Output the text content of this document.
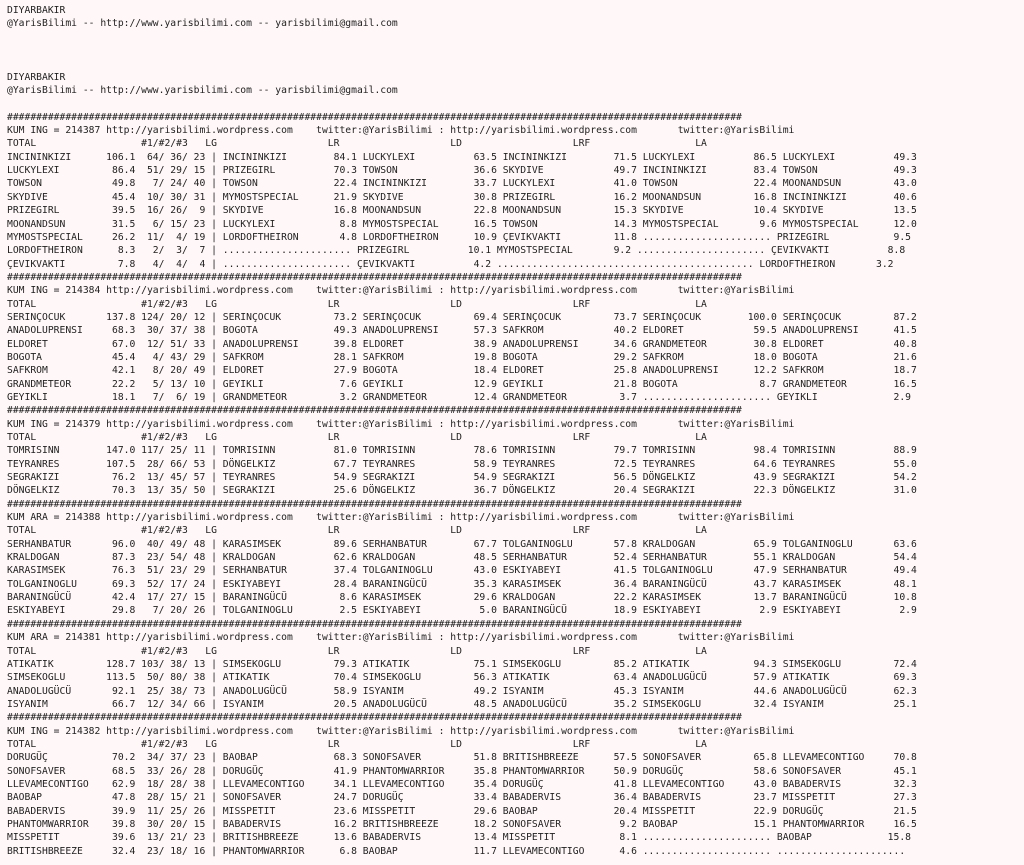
DIYARBAKIR
@YarisBilimi -- http://www.yarisbilimi.com -- yarisbilimi@gmail.com

DIYARBAKIR
@YarisBilimi -- http://www.yarisbilimi.com -- yarisbilimi@gmail.com

##############################################################################################################################
KUM ING = 214387 http://yarisbilimi.wordpress.com    twitter:@YarisBilimi : http://yarisbilimi.wordpress.com       twitter:@YarisBilimi
TOTAL                  #1/#2/#3   LG                   LR                   LD                   LRF                  LA
INCININKIZI      106.1  64/ 36/ 23 | INCININKIZI        84.1 LUCKYLEXI          63.5 INCININKIZI        71.5 LUCKYLEXI          86.5 LUCKYLEXI          49.3
LUCKYLEXI         86.4  51/ 29/ 15 | PRIZEGIRL          70.3 TOWSON             36.6 SKYDIVE            49.7 INCININKIZI        83.4 TOWSON             49.3
TOWSON            49.8   7/ 24/ 40 | TOWSON             22.4 INCININKIZI        33.7 LUCKYLEXI          41.0 TOWSON             22.4 MOONANDSUN         43.0
SKYDIVE           45.4  10/ 30/ 31 | MYMOSTSPECIAL      21.9 SKYDIVE            30.8 PRIZEGIRL          16.2 MOONANDSUN         16.8 INCININKIZI        40.6
PRIZEGIRL         39.5  16/ 26/  9 | SKYDIVE            16.8 MOONANDSUN         22.8 MOONANDSUN         15.3 SKYDIVE            10.4 SKYDIVE            13.5
MOONANDSUN        31.5   6/ 15/ 23 | LUCKYLEXI           8.8 MYMOSTSPECIAL      16.5 TOWSON             14.3 MYMOSTSPECIAL       9.6 MYMOSTSPECIAL      12.0
MYMOSTSPECIAL     26.2  11/  4/ 19 | LORDOFTHEIRON       4.8 LORDOFTHEIRON      10.9 ÇEVIKVAKTI         11.8 ...................... PRIZEGIRL           9.5
LORDOFTHEIRON      8.3   2/  3/  7 | ...................... PRIZEGIRL          10.1 MYMOSTSPECIAL       9.2 ...................... ÇEVIKVAKTI          8.8
ÇEVIKVAKTI         7.8   4/  4/  4 | ...................... ÇEVIKVAKTI          4.2 ............................................ LORDOFTHEIRON       3.2
##############################################################################################################################
KUM ING = 214384 http://yarisbilimi.wordpress.com    twitter:@YarisBilimi : http://yarisbilimi.wordpress.com       twitter:@YarisBilimi
TOTAL                  #1/#2/#3   LG                   LR                   LD                   LRF                  LA
SERINÇOCUK       137.8 124/ 20/ 12 | SERINÇOCUK         73.2 SERINÇOCUK         69.4 SERINÇOCUK         73.7 SERINÇOCUK        100.0 SERINÇOCUK         87.2
ANADOLUPRENSI     68.3  30/ 37/ 38 | BOGOTA             49.3 ANADOLUPRENSI      57.3 SAFKROM            40.2 ELDORET            59.5 ANADOLUPRENSI      41.5
ELDORET           67.0  12/ 51/ 33 | ANADOLUPRENSI      39.8 ELDORET            38.9 ANADOLUPRENSI      34.6 GRANDMETEOR        30.8 ELDORET            40.8
BOGOTA            45.4   4/ 43/ 29 | SAFKROM            28.1 SAFKROM            19.8 BOGOTA             29.2 SAFKROM            18.0 BOGOTA             21.6
SAFKROM           42.1   8/ 20/ 49 | ELDORET            27.9 BOGOTA             18.4 ELDORET            25.8 ANADOLUPRENSI      12.2 SAFKROM            18.7
GRANDMETEOR       22.2   5/ 13/ 10 | GEYIKLI             7.6 GEYIKLI            12.9 GEYIKLI            21.8 BOGOTA              8.7 GRANDMETEOR        16.5
GEYIKLI           18.1   7/  6/ 19 | GRANDMETEOR         3.2 GRANDMETEOR        12.4 GRANDMETEOR         3.7 ...................... GEYIKLI             2.9
##############################################################################################################################
KUM ING = 214379 http://yarisbilimi.wordpress.com    twitter:@YarisBilimi : http://yarisbilimi.wordpress.com       twitter:@YarisBilimi
TOTAL                  #1/#2/#3   LG                   LR                   LD                   LRF                  LA
TOMRISINN        147.0 117/ 25/ 11 | TOMRISINN          81.0 TOMRISINN          78.6 TOMRISINN          79.7 TOMRISINN          98.4 TOMRISINN          88.9
TEYRANRES        107.5  28/ 66/ 53 | DÖNGELKIZ          67.7 TEYRANRES          58.9 TEYRANRES          72.5 TEYRANRES          64.6 TEYRANRES          55.0
SEGRAKIZI         76.2  13/ 45/ 57 | TEYRANRES          54.9 SEGRAKIZI          54.9 SEGRAKIZI          56.5 DÖNGELKIZ          43.9 SEGRAKIZI          54.2
DÖNGELKIZ         70.3  13/ 35/ 50 | SEGRAKIZI          25.6 DÖNGELKIZ          36.7 DÖNGELKIZ          20.4 SEGRAKIZI          22.3 DÖNGELKIZ          31.0
##############################################################################################################################
KUM ARA = 214388 http://yarisbilimi.wordpress.com    twitter:@YarisBilimi : http://yarisbilimi.wordpress.com       twitter:@YarisBilimi
TOTAL                  #1/#2/#3   LG                   LR                   LD                   LRF                  LA
SERHANBATUR       96.0  40/ 49/ 48 | KARASIMSEK         89.6 SERHANBATUR        67.7 TOLGANINOGLU       57.8 KRALDOGAN          65.9 TOLGANINOGLU       63.6
KRALDOGAN         87.3  23/ 54/ 48 | KRALDOGAN          62.6 KRALDOGAN          48.5 SERHANBATUR        52.4 SERHANBATUR        55.1 KRALDOGAN          54.4
KARASIMSEK        76.3  51/ 23/ 29 | SERHANBATUR        37.4 TOLGANINOGLU       43.0 ESKIYABEYI         41.5 TOLGANINOGLU       47.9 SERHANBATUR        49.4
TOLGANINOGLU      69.3  52/ 17/ 24 | ESKIYABEYI         28.4 BARANINGÜCÜ        35.3 KARASIMSEK         36.4 BARANINGÜCÜ        43.7 KARASIMSEK         48.1
BARANINGÜCÜ       42.4  17/ 27/ 15 | BARANINGÜCÜ         8.6 KARASIMSEK         29.6 KRALDOGAN          22.2 KARASIMSEK         13.7 BARANINGÜCÜ        10.8
ESKIYABEYI        29.8   7/ 20/ 26 | TOLGANINOGLU        2.5 ESKIYABEYI          5.0 BARANINGÜCÜ        18.9 ESKIYABEYI          2.9 ESKIYABEYI          2.9
##############################################################################################################################
KUM ARA = 214381 http://yarisbilimi.wordpress.com    twitter:@YarisBilimi : http://yarisbilimi.wordpress.com       twitter:@YarisBilimi
TOTAL                  #1/#2/#3   LG                   LR                   LD                   LRF                  LA
ATIKATIK         128.7 103/ 38/ 13 | SIMSEKOGLU         79.3 ATIKATIK           75.1 SIMSEKOGLU         85.2 ATIKATIK           94.3 SIMSEKOGLU         72.4
SIMSEKOGLU       113.5  50/ 80/ 38 | ATIKATIK           70.4 SIMSEKOGLU         56.3 ATIKATIK           63.4 ANADOLUGÜCÜ        57.9 ATIKATIK           69.3
ANADOLUGÜCÜ       92.1  25/ 38/ 73 | ANADOLUGÜCÜ        58.9 ISYANIM            49.2 ISYANIM            45.3 ISYANIM            44.6 ANADOLUGÜCÜ        62.3
ISYANIM           66.7  12/ 34/ 66 | ISYANIM            20.5 ANADOLUGÜCÜ        48.5 ANADOLUGÜCÜ        35.2 SIMSEKOGLU         32.4 ISYANIM            25.1
##############################################################################################################################
KUM ING = 214382 http://yarisbilimi.wordpress.com    twitter:@YarisBilimi : http://yarisbilimi.wordpress.com       twitter:@YarisBilimi
TOTAL                  #1/#2/#3   LG                   LR                   LD                   LRF                  LA
DORUGÜÇ           70.2  34/ 37/ 23 | BAOBAP             68.3 SONOFSAVER         51.8 BRITISHBREEZE      57.5 SONOFSAVER         65.8 LLEVAMECONTIGO     70.8
SONOFSAVER        68.5  33/ 26/ 28 | DORUGÜÇ            41.9 PHANTOMWARRIOR     35.8 PHANTOMWARRIOR     50.9 DORUGÜÇ            58.6 SONOFSAVER         45.1
LLEVAMECONTIGO    62.9  18/ 28/ 38 | LLEVAMECONTIGO     34.1 LLEVAMECONTIGO     35.4 DORUGÜÇ            41.8 LLEVAMECONTIGO     43.0 BABADERVIS         32.3
BAOBAP            47.8  28/ 15/ 21 | SONOFSAVER         24.7 DORUGÜÇ            33.4 BABADERVIS         36.4 BABADERVIS         23.7 MISSPETIT          27.3
BABADERVIS        39.9  11/ 25/ 26 | MISSPETIT          23.6 MISSPETIT          29.6 BAOBAP             20.4 MISSPETIT          22.9 DORUGÜÇ            21.5
PHANTOMWARRIOR    39.8  30/ 20/ 15 | BABADERVIS         16.2 BRITISHBREEZE      18.2 SONOFSAVER          9.2 BAOBAP             15.1 PHANTOMWARRIOR     16.5
MISSPETIT         39.6  13/ 21/ 23 | BRITISHBREEZE      13.6 BABADERVIS         13.4 MISSPETIT           8.1 ...................... BAOBAP             15.8
BRITISHBREEZE     32.4  23/ 18/ 16 | PHANTOMWARRIOR      6.8 BAOBAP             11.7 LLEVAMECONTIGO      4.6 ...................... ......................
